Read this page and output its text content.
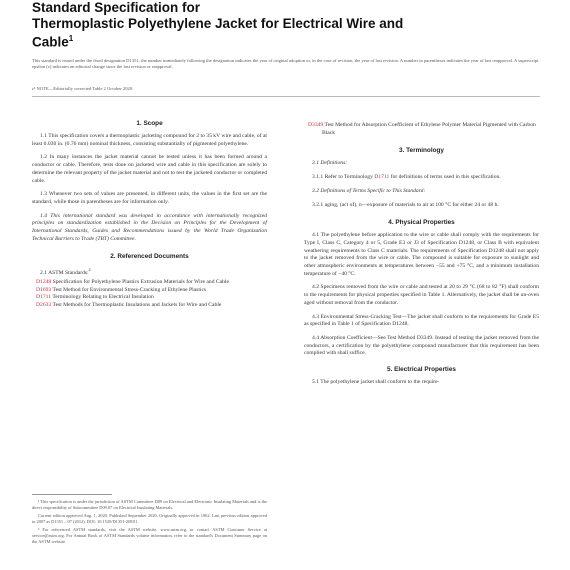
Standard Specification for
Thermoplastic Polyethylene Jacket for Electrical Wire and
Cable$^1$
This standard is issued under the fixed designation D1351; the number immediately following the designation indicates the year of original adoption or, in the case of revision, the year of last revision. A number in parentheses indicates the year of last reapproval. A superscript epsilon (ε) indicates an editorial change since the last revision or reapproval.
ε¹ NOTE—Editorially corrected Table 2 October 2020.
1. Scope

1.1 This specification covers a thermoplastic jacketing compound for 2 to 35 kV wire and cable, of at least 0.030 in. (0.76 mm) nominal thickness, consisting substantially of pigmented polyethylene.

1.2 In many instances the jacket material cannot be tested unless it has been formed around a conductor or cable. Therefore, tests done on jacketed wire and cable in this specification are solely to determine the relevant property of the jacket material and not to test the jacketed conductor or completed cable.

1.3 Whenever two sets of values are presented, in different units, the values in the first set are the standard, while those in parentheses are for information only.

1.4 This international standard was developed in accordance with internationally recognized principles on standardization established in the Decision on Principles for the Development of International Standards, Guides and Recommendations issued by the World Trade Organization Technical Barriers to Trade (TBT) Committee.

2. Referenced Documents
2.1 ASTM Standards:$^2$
D1248 Specification for Polyethylene Plastics Extrusion Materials for Wire and Cable
D1693 Test Method for Environmental Stress-Cracking of Ethylene Plastics
D1711 Terminology Relating to Electrical Insulation
D2633 Test Methods for Thermoplastic Insulations and Jackets for Wire and Cable

¹ This specification is under the jurisdiction of ASTM Committee D09 on Electrical and Electronic Insulating Materials and is the direct responsibility of Subcommittee D09.07 on Electrical Insulating Materials.

Current edition approved Aug. 1, 2020. Published September 2020. Originally approved in 1962. Last previous edition approved in 2007 as D1351 – 07 (2012). DOI: 10.1520/D1351-20E01.

² For referenced ASTM standards, visit the ASTM website, www.astm.org, or contact ASTM Customer Service at service@astm.org. For Annual Book of ASTM Standards volume information, refer to the standard's Document Summary page on the ASTM website.

D3349 Test Method for Absorption Coefficient of Ethylene Polymer Material Pigmented with Carbon Black
3. Terminology

3.1 Definitions:

3.1.1 Refer to Terminology D1711 for definitions of terms used in this specification.

3.2 Definitions of Terms Specific to This Standard:

3.2.1 aging, (act of), n—exposure of materials to air at 100 °C for either 24 or 48 h.

4. Physical Properties

4.1 The polyethylene before application to the wire or cable shall comply with the requirements for Type I, Class C, Category 4 or 5, Grade E3 or J3 of Specification D1248, or Class B with equivalent weathering requirements to Class C materials. The requirements of Specification D1248 shall not apply to the jacket removed from the wire or cable. The compound is suitable for exposure to sunlight and other atmospheric environments at temperatures between −55 and +75 °C, and a minimum installation temperature of −40 °C.

4.2 Specimens removed from the wire or cable and tested at 20 to 29 °C (68 to 82 °F) shall conform to the requirements for physical properties specified in Table 1. Alternatively, the jacket shall be un-oven aged without removal from the conductor.

4.3 Environmental Stress-Cracking Test—The jacket shall conform to the requirements for Grade E5 as specified in Table 1 of Specification D1248.

4.4 Absorption Coefficient—See Test Method D3349. Instead of testing the jacket removed from the conductors, a certification by the polyethylene compound manufacturer that this requirement has been complied with shall suffice.

5. Electrical Properties

5.1 The polyethylene jacket shall conform to the require-
